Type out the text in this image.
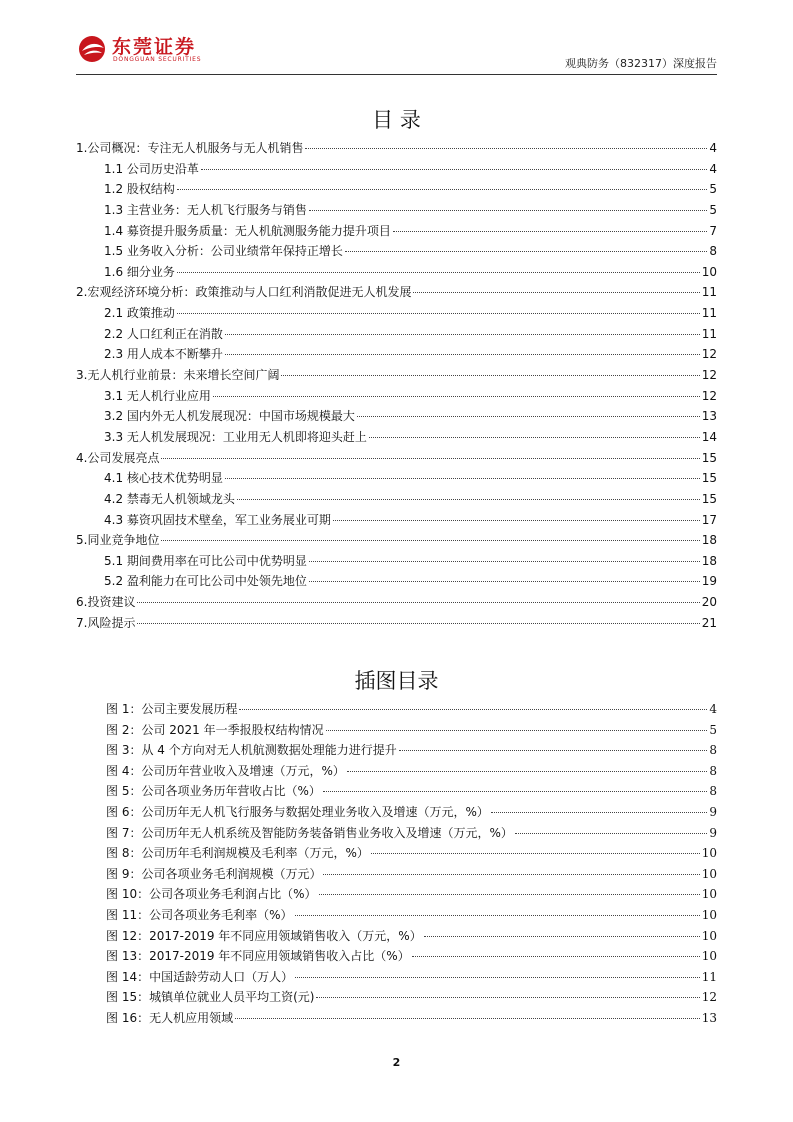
东莞证券
DONGGUAN SECURITIES	观典防务（832317）深度报告
目 录
1.公司概况：专注无人机服务与无人机销售	4
1.1 公司历史沿革	4
1.2 股权结构	5
1.3 主营业务：无人机飞行服务与销售	5
1.4 募资提升服务质量：无人机航测服务能力提升项目	7
1.5 业务收入分析：公司业绩常年保持正增长	8
1.6 细分业务	10
2.宏观经济环境分析：政策推动与人口红利消散促进无人机发展	11
2.1 政策推动	11
2.2 人口红利正在消散	11
2.3 用人成本不断攀升	12
3.无人机行业前景：未来增长空间广阔	12
3.1 无人机行业应用	12
3.2 国内外无人机发展现况：中国市场规模最大	13
3.3 无人机发展现况：工业用无人机即将迎头赶上	14
4.公司发展亮点	15
4.1 核心技术优势明显	15
4.2 禁毒无人机领域龙头	15
4.3 募资巩固技术壁垒，军工业务展业可期	17
5.同业竞争地位	18
5.1 期间费用率在可比公司中优势明显	18
5.2 盈利能力在可比公司中处领先地位	19
6.投资建议	20
7.风险提示	21
插图目录
图 1：公司主要发展历程	4
图 2：公司 2021 年一季报股权结构情况	5
图 3：从 4 个方向对无人机航测数据处理能力进行提升	8
图 4：公司历年营业收入及增速（万元，%）	8
图 5：公司各项业务历年营收占比（%）	8
图 6：公司历年无人机飞行服务与数据处理业务收入及增速（万元，%）	9
图 7：公司历年无人机系统及智能防务装备销售业务收入及增速（万元，%）	9
图 8：公司历年毛利润规模及毛利率（万元，%）	10
图 9：公司各项业务毛利润规模（万元）	10
图 10：公司各项业务毛利润占比（%）	10
图 11：公司各项业务毛利率（%）	10
图 12：2017-2019 年不同应用领域销售收入（万元，%）	10
图 13：2017-2019 年不同应用领域销售收入占比（%）	10
图 14：中国适龄劳动人口（万人）	11
图 15：城镇单位就业人员平均工资(元)	12
图 16：无人机应用领域	13
2
